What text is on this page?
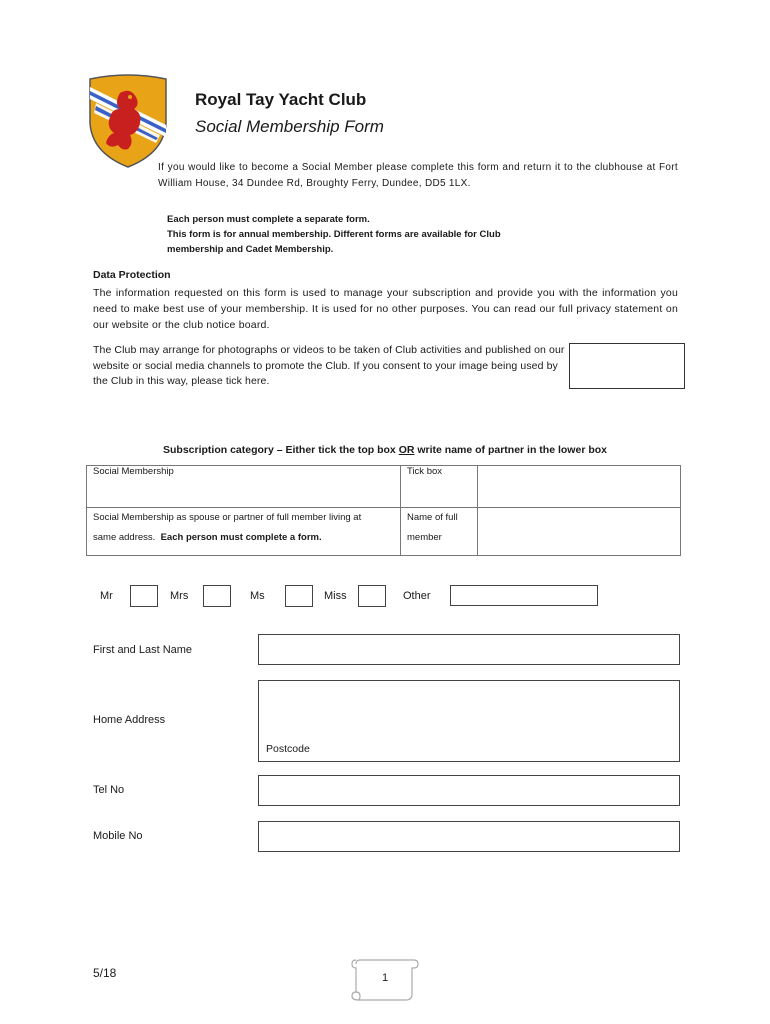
Royal Tay Yacht Club
Social Membership Form
If you would like to become a Social Member please complete this form and return it to the clubhouse at Fort William House, 34 Dundee Rd, Broughty Ferry, Dundee, DD5 1LX.
Each person must complete a separate form.
This form is for annual membership. Different forms are available for Club membership and Cadet Membership.
Data Protection
The information requested on this form is used to manage your subscription and provide you with the information you need to make best use of your membership. It is used for no other purposes. You can read our full privacy statement on our website or the club notice board.
The Club may arrange for photographs or videos to be taken of Club activities and published on our website or social media channels to promote the Club. If you consent to your image being used by the Club in this way, please tick here.
Subscription category – Either tick the top box OR write name of partner in the lower box
Social Membership	Tick box	
Social Membership as spouse or partner of full member living at
same address. Each person must complete a form.	Name of full
member	
Mr	Mrs	Ms	Miss	Other
First and Last Name
Home Address
Postcode
Tel No
Mobile No
5/18	1
